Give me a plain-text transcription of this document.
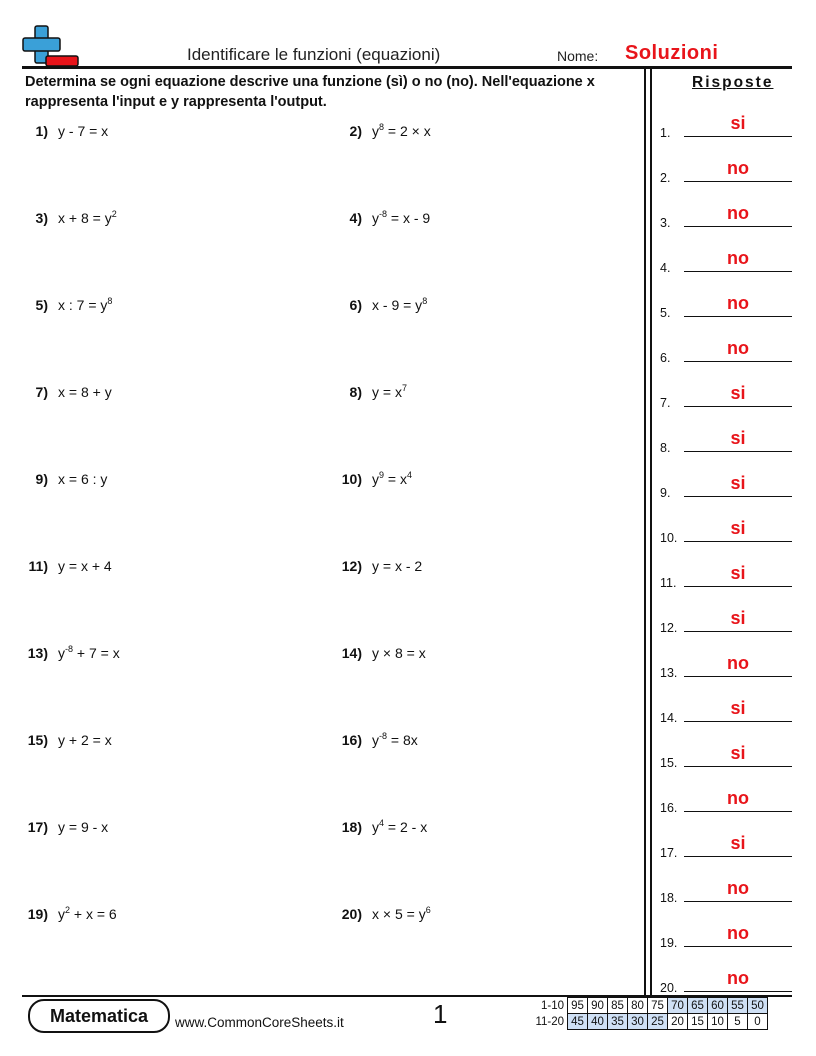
Identificare le funzioni (equazioni)	Nome: Soluzioni
Determina se ogni equazione descrive una funzione (sì) o no (no). Nell'equazione x rappresenta l'input e y rappresenta l'output.
Risposte
1) y - 7 = x	2) $y^8 = 2 \times x$
3) $x + 8 = y^2$	4) $y^{-8} = x - 9$
5) x : $7 = y^8$	6) $x - 9 = y^8$
7) x = 8 + y	8) $y = x^7$
9) x = 6 : y	10) $y^9 = x^4$
11) y = x + 4	12) y = x - 2
13) $y^{-8} + 7 = x$	14) y × 8 = x
15) y + 2 = x	16) $y^{-8} = 8x$
17) y = 9 - x	18) $y^4 = 2 - x$
19) $y^2 + x = 6$	20) $x \times 5 = y^6$
1.	si
2.	no
3.	no
4.	no
5.	no
6.	no
7.	si
8.	si
9.	si
10.	si
11.	si
12.	si
13.	no
14.	si
15.	si
16.	no
17.	si
18.	no
19.	no
20.	no
Matematica	www.CommonCoreSheets.it	1	1-10	95	90	85	80	75	70	65	60	55	50
11-20	45	40	35	30	25	20	15	10	5	0
